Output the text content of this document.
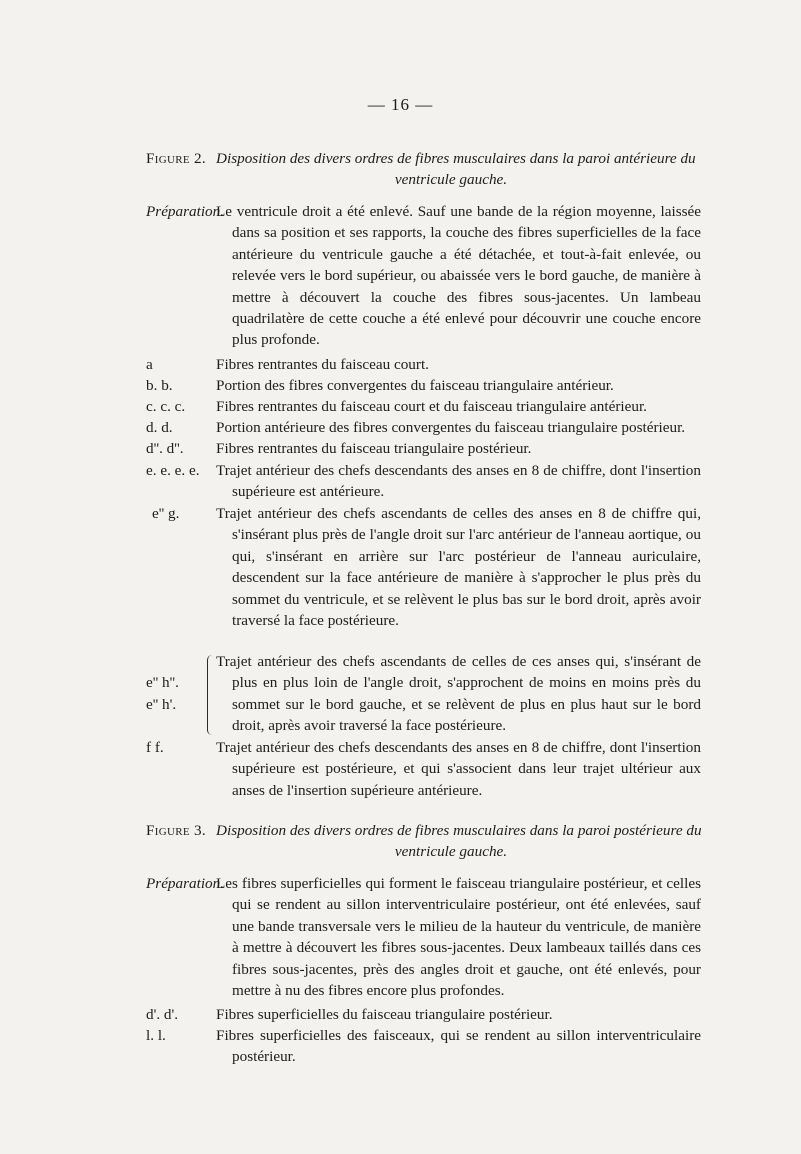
— 16 —
Figure 2. Disposition des divers ordres de fibres musculaires dans la paroi antérieure du
ventricule gauche.
Préparation.
Le ventricule droit a été enlevé. Sauf une bande de la région moyenne, laissée dans sa position et ses rapports, la couche des fibres superficielles de la face antérieure du ventricule gauche a été détachée, et tout-à-fait enlevée, ou relevée vers le bord supérieur, ou abaissée vers le bord gauche, de manière à mettre à découvert la couche des fibres sous-jacentes. Un lambeau quadrilatère de cette couche a été enlevé pour découvrir une couche encore plus profonde.
a	Fibres rentrantes du faisceau court.
b. b.	Portion des fibres convergentes du faisceau triangulaire antérieur.
c. c. c. Fibres rentrantes du faisceau court et du faisceau triangulaire antérieur.
d. d.	Portion antérieure des fibres convergentes du faisceau triangulaire postérieur.
d''. d''. Fibres rentrantes du faisceau triangulaire postérieur.
e. e. e. e. Trajet antérieur des chefs descendants des anses en 8 de chiffre, dont l'insertion supérieure est antérieure.
e'' g. Trajet antérieur des chefs ascendants de celles des anses en 8 de chiffre qui, s'insérant plus près de l'angle droit sur l'arc antérieur de l'anneau aortique, ou qui, s'insérant en arrière sur l'arc postérieur de l'anneau auriculaire, descendent sur la face antérieure de manière à s'approcher le plus près du sommet du ventricule, et se relèvent le plus bas sur le bord droit, après avoir traversé la face postérieure.
e'' h''.
e'' h'.
Trajet antérieur des chefs ascendants de celles de ces anses qui, s'insérant de plus en plus loin de l'angle droit, s'approchent de moins en moins près du sommet sur le bord gauche, et se relèvent de plus en plus haut sur le bord droit, après avoir traversé la face postérieure.
f f.	Trajet antérieur des chefs descendants des anses en 8 de chiffre, dont l'insertion supérieure est postérieure, et qui s'associent dans leur trajet ultérieur aux anses de l'insertion supérieure antérieure.
Figure 3. Disposition des divers ordres de fibres musculaires dans la paroi postérieure du
ventricule gauche.
Préparation.
Les fibres superficielles qui forment le faisceau triangulaire postérieur, et celles qui se rendent au sillon interventriculaire postérieur, ont été enlevées, sauf une bande transversale vers le milieu de la hauteur du ventricule, de manière à mettre à découvert les fibres sous-jacentes. Deux lambeaux taillés dans ces fibres sous-jacentes, près des angles droit et gauche, ont été enlevés, pour mettre à nu des fibres encore plus profondes.
d'. d'. Fibres superficielles du faisceau triangulaire postérieur.
l. l.	Fibres superficielles des faisceaux, qui se rendent au sillon interventriculaire postérieur.
